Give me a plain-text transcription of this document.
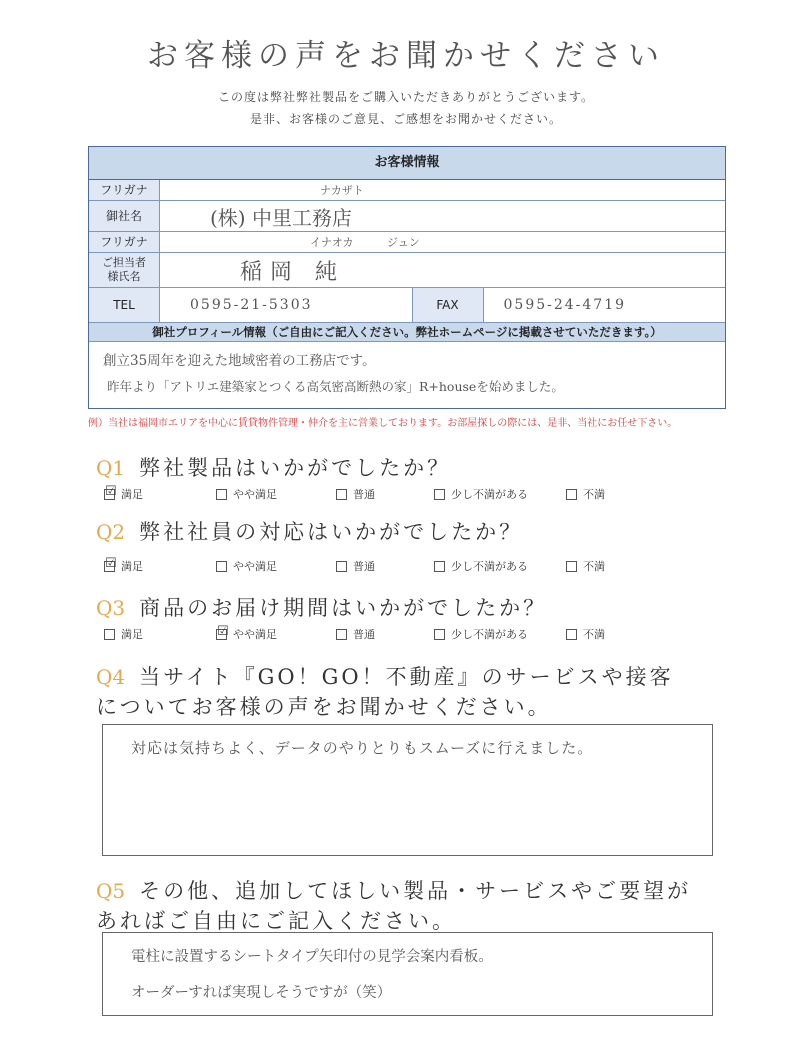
お客様の声をお聞かせください
この度は弊社弊社製品をご購入いただきありがとうございます。
是非、お客様のご意見、ご感想をお聞かせください。
お客様情報
フリガナ	ナカザト
御社名	(株) 中里工務店
フリガナ	イナオカ ジュン
ご担当者
様氏名	稲岡 純
TEL	0595-21-5303	FAX	0595-24-4719
御社プロフィール情報（ご自由にご記入ください。弊社ホームページに掲載させていただきます。）
創立35周年を迎えた地域密着の工務店です。
昨年より「アトリエ建築家とつくる高気密高断熱の家」R+houseを始めました。
例）当社は福岡市エリアを中心に賃貸物件管理・仲介を主に営業しております。お部屋探しの際には、是非、当社にお任せ下さい。
Q1 弊社製品はいかがでしたか？
☑ 満足	やや満足	普通	少し不満がある	不満
Q2 弊社社員の対応はいかがでしたか？
☑ 満足	やや満足	普通	少し不満がある	不満
Q3 商品のお届け期間はいかがでしたか？
満足	☑ やや満足	普通	少し不満がある	不満
Q4 当サイト『GO！GO！不動産』のサービスや接客
についてお客様の声をお聞かせください。
対応は気持ちよく、データのやりとりもスムーズに行えました。
Q5 その他、追加してほしい製品・サービスやご要望が
あればご自由にご記入ください。
電柱に設置するシートタイプ矢印付の見学会案内看板。
オーダーすれば実現しそうですが（笑）
